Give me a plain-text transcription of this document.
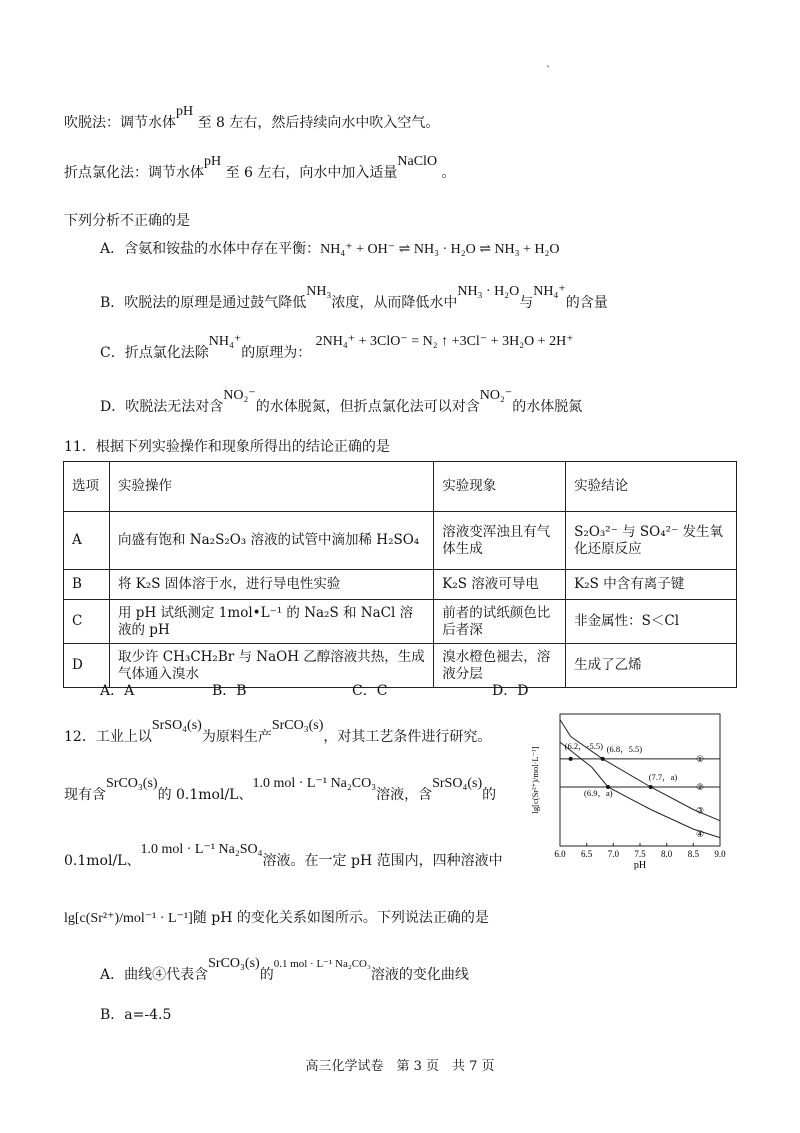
`
吹脱法：调节水体pH 至 8 左右，然后持续向水中吹入空气。
折点氯化法：调节水体pH 至 6 左右，向水中加入适量NaClO 。
下列分析不正确的是
A．含氨和铵盐的水体中存在平衡：NH₄⁺ + OH⁻ ⇌ NH₃ · H₂O ⇌ NH₃ + H₂O
B．吹脱法的原理是通过鼓气降低NH₃浓度，从而降低水中NH₃ · H₂O与NH₄⁺的含量
C．折点氯化法除NH₄⁺的原理为： 2NH₄⁺ + 3ClO⁻ = N₂ ↑ +3Cl⁻ + 3H₂O + 2H⁺
D．吹脱法无法对含NO₂⁻的水体脱氮，但折点氯化法可以对含NO₂⁻的水体脱氮
11．根据下列实验操作和现象所得出的结论正确的是
选项	实验操作	实验现象	实验结论
A	向盛有饱和 Na₂S₂O₃ 溶液的试管中滴加稀 H₂SO₄	溶液变浑浊且有气体生成	S₂O₃²⁻ 与 SO₄²⁻ 发生氧化还原反应
B	将 K₂S 固体溶于水，进行导电性实验	K₂S 溶液可导电	K₂S 中含有离子键
C	用 pH 试纸测定 1mol•L⁻¹ 的 Na₂S 和 NaCl 溶液的 pH	前者的试纸颜色比后者深	非金属性：S＜Cl
D	取少许 CH₃CH₂Br 与 NaOH 乙醇溶液共热，生成气体通入溴水	溴水橙色褪去，溶液分层	生成了乙烯
A．A	B．B	C．C	D．D
12．工业上以SrSO₄(s)为原料生产SrCO₃(s)，对其工艺条件进行研究。
现有含SrCO₃(s)的 0.1mol/L、1.0 mol · L⁻¹ Na₂CO₃溶液，含SrSO₄(s)的
0.1mol/L、1.0 mol · L⁻¹ Na₂SO₄溶液。在一定 pH 范围内，四种溶液中
lg[c(Sr²⁺)/mol⁻¹ · L⁻¹]随 pH 的变化关系如图所示。下列说法正确的是
A．曲线④代表含SrCO₃(s)的$^{0.1 mol \cdot L^{-1} Na_2CO_3}$溶液的变化曲线
B．a=-4.5
6.0 6.5 7.0 7.5 8.0 8.5 9.0
(6.2，-5.5) (6.8，5.5)
(7.7，a)
(6.9，a)
①
②
③
④
pH
lg[c(Sr²⁺)/mol·L⁻¹]
高三化学试卷　第 3 页　共 7 页
